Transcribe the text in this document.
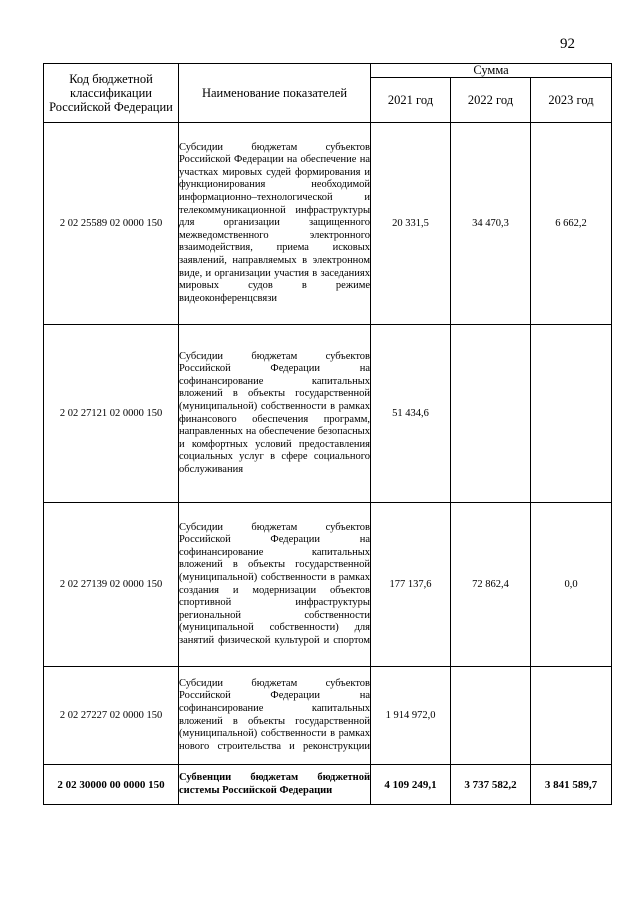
92
Код бюджетной классификации Российской Федерации	Наименование показателей	Сумма		
		2021 год	2022 год	2023 год
2 02 25589 02 0000 150	Субсидии бюджетам субъектов Российской Федерации на обеспечение на участках мировых судей формирования и функционирования необходимой информационно–технологической и телекоммуникационной инфраструктуры для организации защищенного межведомственного электронного взаимодействия, приема исковых заявлений, направляемых в электронном виде, и организации участия в заседаниях мировых судов в режиме видеоконференцсвязи	20 331,5	34 470,3	6 662,2
2 02 27121 02 0000 150	Субсидии бюджетам субъектов Российской Федерации на софинансирование капитальных вложений в объекты государственной (муниципальной) собственности в рамках финансового обеспечения программ, направленных на обеспечение безопасных и комфортных условий предоставления социальных услуг в сфере социального обслуживания	51 434,6		
2 02 27139 02 0000 150	Субсидии бюджетам субъектов Российской Федерации на софинансирование капитальных вложений в объекты государственной (муниципальной) собственности в рамках создания и модернизации объектов спортивной инфраструктуры региональной собственности (муниципальной собственности) для занятий физической культурой и спортом	177 137,6	72 862,4	0,0
2 02 27227 02 0000 150	Субсидии бюджетам субъектов Российской Федерации на софинансирование капитальных вложений в объекты государственной (муниципальной) собственности в рамках нового строительства и реконструкции	1 914 972,0		
2 02 30000 00 0000 150	Субвенции бюджетам бюджетной системы Российской Федерации	4 109 249,1	3 737 582,2	3 841 589,7
